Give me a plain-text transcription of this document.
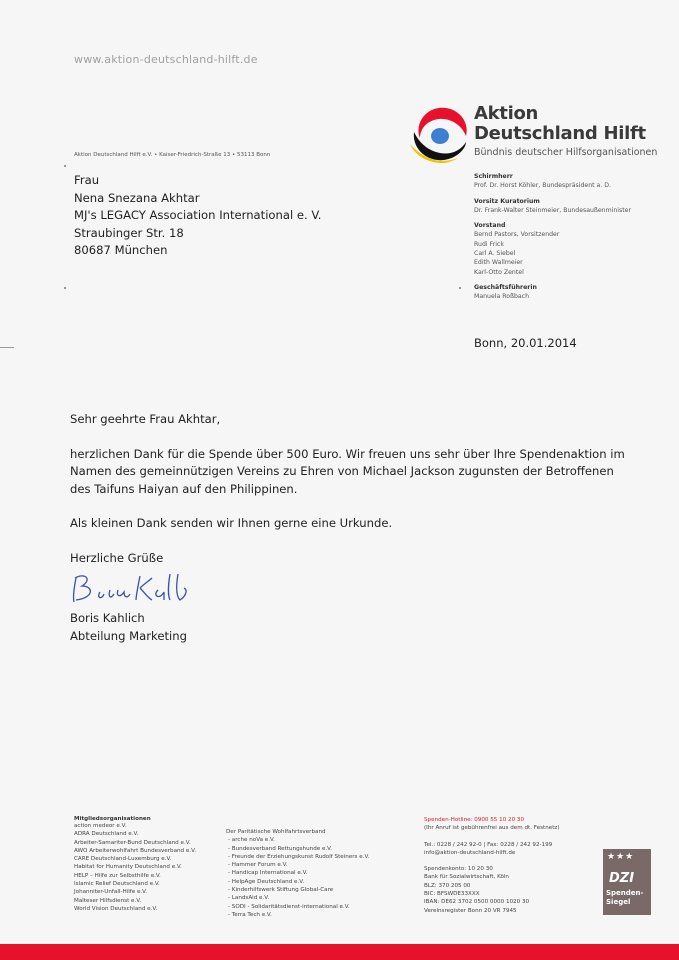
www.aktion-deutschland-hilft.de
Aktion
Deutschland Hilft
Bündnis deutscher Hilfsorganisationen
Aktion Deutschland Hilft e.V. • Kaiser-Friedrich-Straße 13 • 53113 Bonn
Frau
Nena Snezana Akhtar
MJ's LEGACY Association International e. V.
Straubinger Str. 18
80687 München
Schirmherr
Prof. Dr. Horst Köhler, Bundespräsident a. D.
Vorsitz Kuratorium
Dr. Frank-Walter Steinmeier, Bundesaußenminister
Vorstand
Bernd Pastors, Vorsitzender
Rudi Frick
Carl A. Siebel
Edith Wallmeier
Karl-Otto Zentel
Geschäftsführerin
Manuela Roßbach
Bonn, 20.01.2014

Sehr geehrte Frau Akhtar,

herzlichen Dank für die Spende über 500 Euro. Wir freuen uns sehr über Ihre Spendenaktion im Namen des gemeinnützigen Vereins zu Ehren von Michael Jackson zugunsten der Betroffenen des Taifuns Haiyan auf den Philippinen.

Als kleinen Dank senden wir Ihnen gerne eine Urkunde.

Herzliche Grüße

Boris Kahlich
Abteilung Marketing
Mitgliedsorganisationen
action medeor e.V.
ADRA Deutschland e.V.
Arbeiter-Samariter-Bund Deutschland e.V.
AWO Arbeiterwohlfahrt Bundesverband e.V.
CARE Deutschland-Luxemburg e.V.
Habitat for Humanity Deutschland e.V.
HELP – Hilfe zur Selbsthilfe e.V.
Islamic Relief Deutschland e.V.
Johanniter-Unfall-Hilfe e.V.
Malteser Hilfsdienst e.V.
World Vision Deutschland e.V.
Der Paritätische Wohlfahrtsverband
- arche noVa e.V.
- Bundesverband Rettungshunde e.V.
- Freunde der Erziehungskunst Rudolf Steiners e.V.
- Hammer Forum e.V.
- Handicap International e.V.
- HelpAge Deutschland e.V.
- Kinderhilfswerk Stiftung Global-Care
- LandsAid e.V.
- SODI - Solidaritätsdienst-international e.V.
- Terra Tech e.V.
Spenden-Hotline: 0900 55 10 20 30
(Ihr Anruf ist gebührenfrei aus dem dt. Festnetz)
Tel.: 0228 / 242 92-0 | Fax: 0228 / 242 92-199
info@aktion-deutschland-hilft.de
Spendenkonto: 10 20 30
Bank für Sozialwirtschaft, Köln
BLZ: 370 205 00
BIC: BFSWDE33XXX
IBAN: DE62 3702 0500 0000 1020 30
Vereinsregister Bonn 20 VR 7945
★★★
DZI
Spenden-
Siegel
